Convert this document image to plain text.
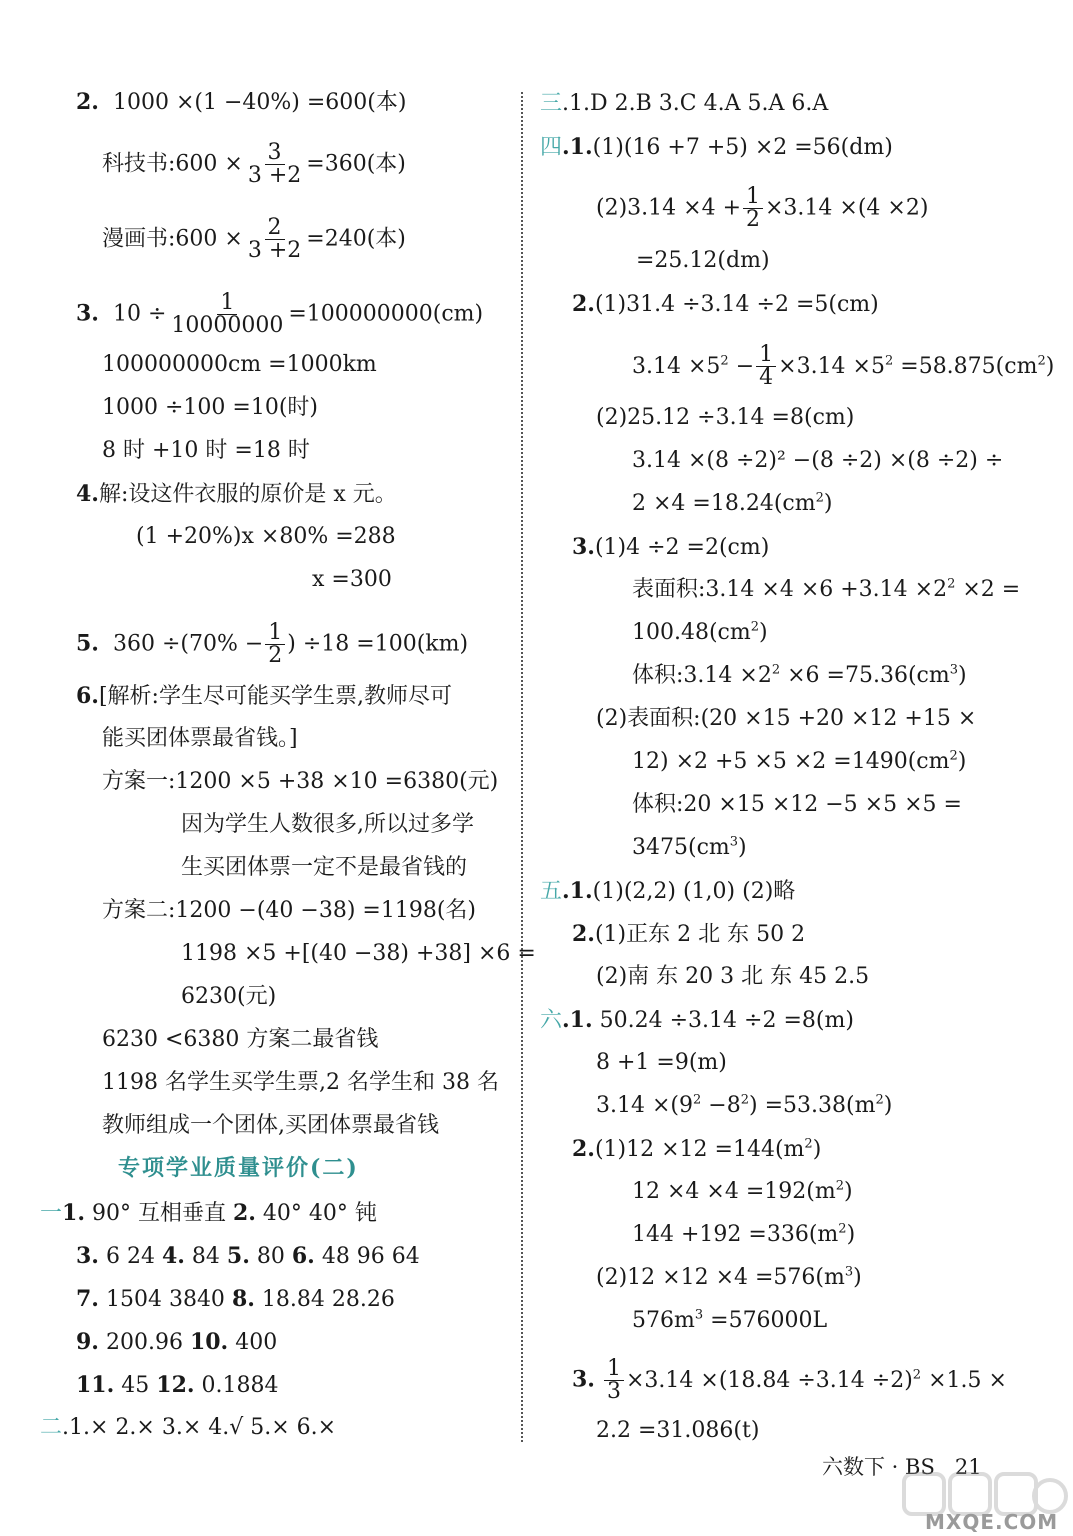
2. 1000 ×(1 −40%) =600(本)
科技书:600 × $\frac{3}{3 +2} =360$(本)
漫画书:600 × $\frac{2}{3 +2} =240$(本)
3. $10 \div \frac{1}{10000000} =100000000(cm)$
100000000cm =1000km
1000 ÷100 =10(时)
8 时 +10 时 =18 时
4.解:设这件衣服的原价是 x 元。
(1 +20%)x ×80% =288
x =300
5. $360 \div(70\% - \frac{1}{2}$ ) ÷18 =100(km)
6.[解析:学生尽可能买学生票,教师尽可
能买团体票最省钱。]
方案一:1200 ×5 +38 ×10 =6380(元)
因为学生人数很多,所以过多学
生买团体票一定不是最省钱的
方案二:1200 −(40 −38) =1198(名)
1198 ×5 +[(40 −38) +38] ×6 =
6230(元)
6230 <6380 方案二最省钱
1198 名学生买学生票,2 名学生和 38 名
教师组成一个团体,买团体票最省钱
专项学业质量评价(二)
一1. 90° 互相垂直 2. 40° 40° 钝
3. 6 24 4. 84 5. 80 6. 48 96 64
7. 1504 3840 8. 18.84 28.26
9. 200.96 10. 400
11. 45 12. 0.1884
二.1.× 2.× 3.× 4.√ 5.× 6.×
三.1.D 2.B 3.C 4.A 5.A 6.A
四.1.(1)(16 +7 +5) ×2 =56(dm)
$(2)3.14 \times 4 + \frac{1}{2} \times 3.14 \times(4 \times 2)$
=25.12(dm)
2.(1)31.4 ÷3.14 ÷2 =5(cm)
$3.14 \times 5^2 - \frac{1}{4} \times 3.14 \times 5^2 =58.875(cm^2)$
(2)25.12 ÷3.14 =8(cm)
3.14 ×(8 ÷2)² −(8 ÷2) ×(8 ÷2) ÷
$2 \times 4 =18.24(cm^2)$
3.(1)4 ÷2 =2(cm)
表面积:3.14 $\times 4 \times 6 +3.14 \times 2^2 \times 2$ =
$100.48(cm^2)$
体积:3.14 $\times 2^2 \times 6 =75.36(cm^3)$
(2)表面积:(20 ×15 +20 ×12 +15 ×
$12) \times 2 +5 \times 5 \times 2 =1490(cm^2)$
体积:20 ×15 ×12 −5 ×5 ×5 =
$3475(cm^3)$
五.1.(1)(2,2) (1,0) (2)略
2.(1)正东 2 北 东 50 2
(2)南 东 20 3 北 东 45 2.5
六.1. 50.24 ÷3.14 ÷2 =8(m)
8 +1 =9(m)
$3.14 \times(9^2 -8^2) =53.38(m^2)$
$2.(1)12 \times 12 =144(m^2)$
$12 \times 4 \times 4 =192(m^2)$
$144 +192 =336(m^2)$
$(2)12 \times 12 \times 4 =576(m^3)$
$576m^3 =576000L$
3. $\frac{1}{3} \times 3.14 \times(18.84 \div 3.14 \div 2)^2 \times 1.5$ ×
2.2 =31.086(t)
六数下 · BS 21
MXQE.COM
